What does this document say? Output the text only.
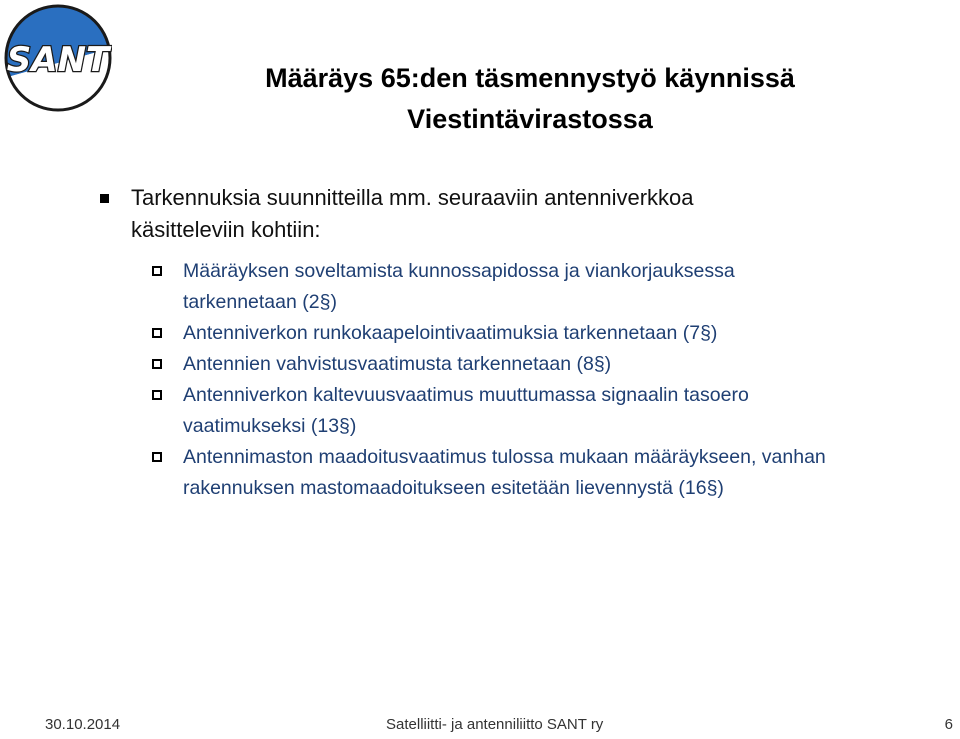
SANT	Määräys 65:den täsmennystyö käynnissä
Viestintävirastossa
Tarkennuksia suunnitteilla mm. seuraaviin antenniverkkoa
käsitteleviin kohtiin:
Määräyksen soveltamista kunnossapidossa ja viankorjauksessa
tarkennetaan (2§)
Antenniverkon runkokaapelointivaatimuksia tarkennetaan (7§)
Antennien vahvistusvaatimusta tarkennetaan (8§)
Antenniverkon kaltevuusvaatimus muuttumassa signaalin tasoero
vaatimukseksi (13§)
Antennimaston maadoitusvaatimus tulossa mukaan määräykseen, vanhan
rakennuksen mastomaadoitukseen esitetään lievennystä (16§)
30.10.2014	Satelliitti- ja antenniliitto SANT ry	6
